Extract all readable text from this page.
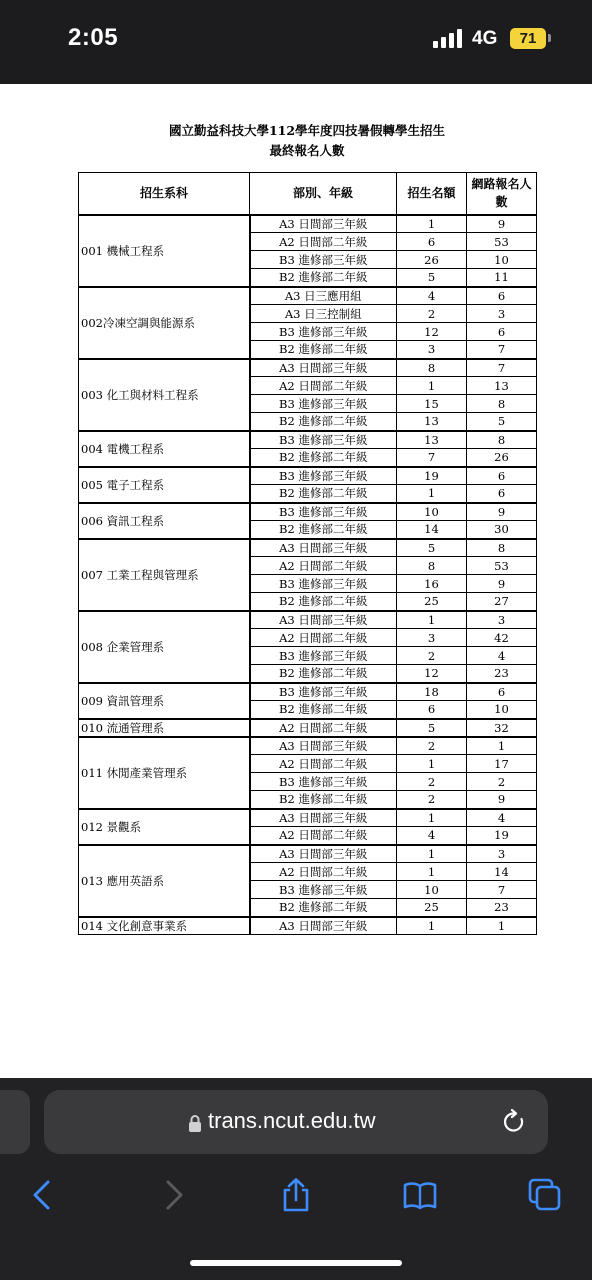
2:05	4G	71
國立勤益科技大學112學年度四技暑假轉學生招生
最終報名人數
招生系科	部別、年級	招生名額	網路報名人數
001 機械工程系	A3 日間部三年級	1	9
	A2 日間部二年級	6	53
	B3 進修部三年級	26	10
	B2 進修部二年級	5	11
002冷凍空調與能源系	A3 日三應用組	4	6
	A3 日三控制組	2	3
	B3 進修部三年級	12	6
	B2 進修部二年級	3	7
003 化工與材料工程系	A3 日間部三年級	8	7
	A2 日間部二年級	1	13
	B3 進修部三年級	15	8
	B2 進修部二年級	13	5
004 電機工程系	B3 進修部三年級	13	8
	B2 進修部二年級	7	26
005 電子工程系	B3 進修部三年級	19	6
	B2 進修部二年級	1	6
006 資訊工程系	B3 進修部三年級	10	9
	B2 進修部二年級	14	30
007 工業工程與管理系	A3 日間部三年級	5	8
	A2 日間部二年級	8	53
	B3 進修部三年級	16	9
	B2 進修部二年級	25	27
008 企業管理系	A3 日間部三年級	1	3
	A2 日間部二年級	3	42
	B3 進修部三年級	2	4
	B2 進修部二年級	12	23
009 資訊管理系	B3 進修部三年級	18	6
	B2 進修部二年級	6	10
010 流通管理系	A2 日間部二年級	5	32
011 休閒產業管理系	A3 日間部三年級	2	1
	A2 日間部二年級	1	17
	B3 進修部三年級	2	2
	B2 進修部二年級	2	9
012 景觀系	A3 日間部三年級	1	4
	A2 日間部二年級	4	19
013 應用英語系	A3 日間部三年級	1	3
	A2 日間部二年級	1	14
	B3 進修部三年級	10	7
	B2 進修部二年級	25	23
014 文化創意事業系	A3 日間部三年級	1	1
trans.ncut.edu.tw
